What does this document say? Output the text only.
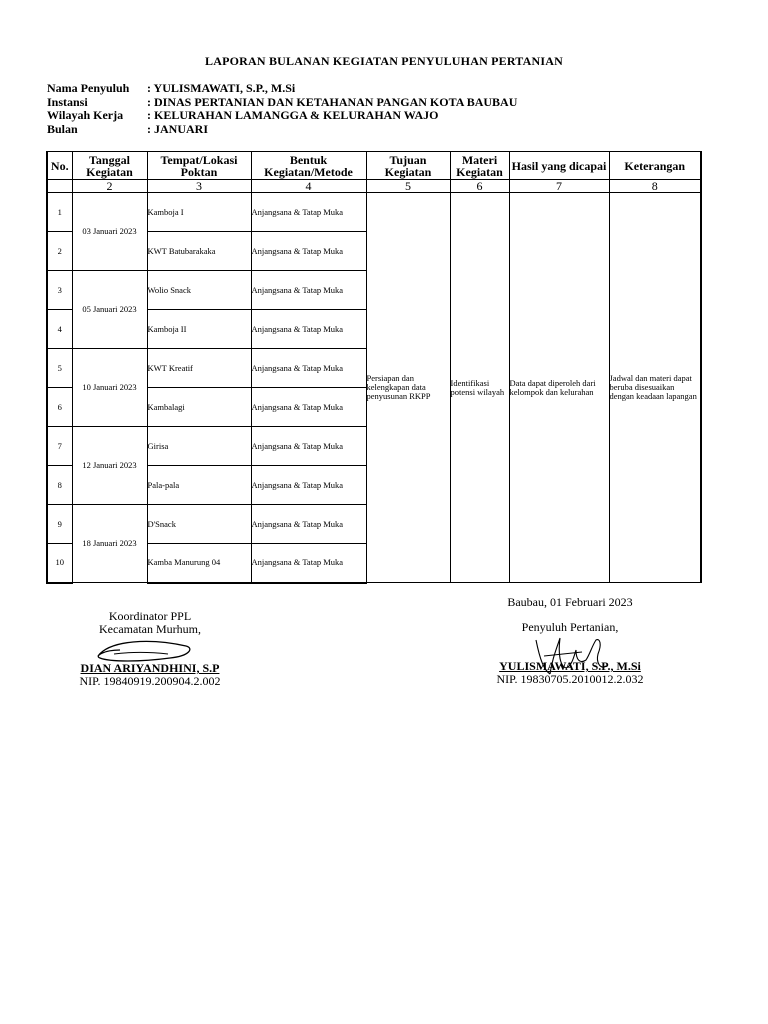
LAPORAN BULANAN KEGIATAN PENYULUHAN PERTANIAN
Nama Penyuluh	: YULISMAWATI, S.P., M.Si
Instansi	: DINAS PERTANIAN DAN KETAHANAN PANGAN KOTA BAUBAU
Wilayah Kerja	: KELURAHAN LAMANGGA & KELURAHAN WAJO
Bulan	: JANUARI
No.	Tanggal Kegiatan	Tempat/Lokasi Poktan	Bentuk Kegiatan/Metode	Tujuan Kegiatan	Materi Kegiatan	Hasil yang dicapai	Keterangan
	2	3	4	5	6	7	8
1	03 Januari 2023	Kamboja I	Anjangsana & Tatap Muka	Persiapan dan kelengkapan data penyusunan RKPP	Identifikasi potensi wilayah	Data dapat diperoleh dari kelompok dan kelurahan	Jadwal dan materi dapat beruba disesuaikan dengan keadaan lapangan
2		KWT Batubarakaka	Anjangsana & Tatap Muka				
3	05 Januari 2023	Wolio Snack	Anjangsana & Tatap Muka				
4		Kamboja II	Anjangsana & Tatap Muka				
5	10 Januari 2023	KWT Kreatif	Anjangsana & Tatap Muka				
6		Kambalagi	Anjangsana & Tatap Muka				
7	12 Januari 2023	Girisa	Anjangsana & Tatap Muka				
8		Pala-pala	Anjangsana & Tatap Muka				
9	18 Januari 2023	D'Snack	Anjangsana & Tatap Muka				
10		Kamba Manurung 04	Anjangsana & Tatap Muka				
Koordinator PPL
Kecamatan Murhum,
DIAN ARIYANDHINI, S.P
NIP. 19840919.200904.2.002
Baubau, 01 Februari 2023
Penyuluh Pertanian,
YULISMAWATI, S.P., M.Si
NIP. 19830705.2010012.2.032
